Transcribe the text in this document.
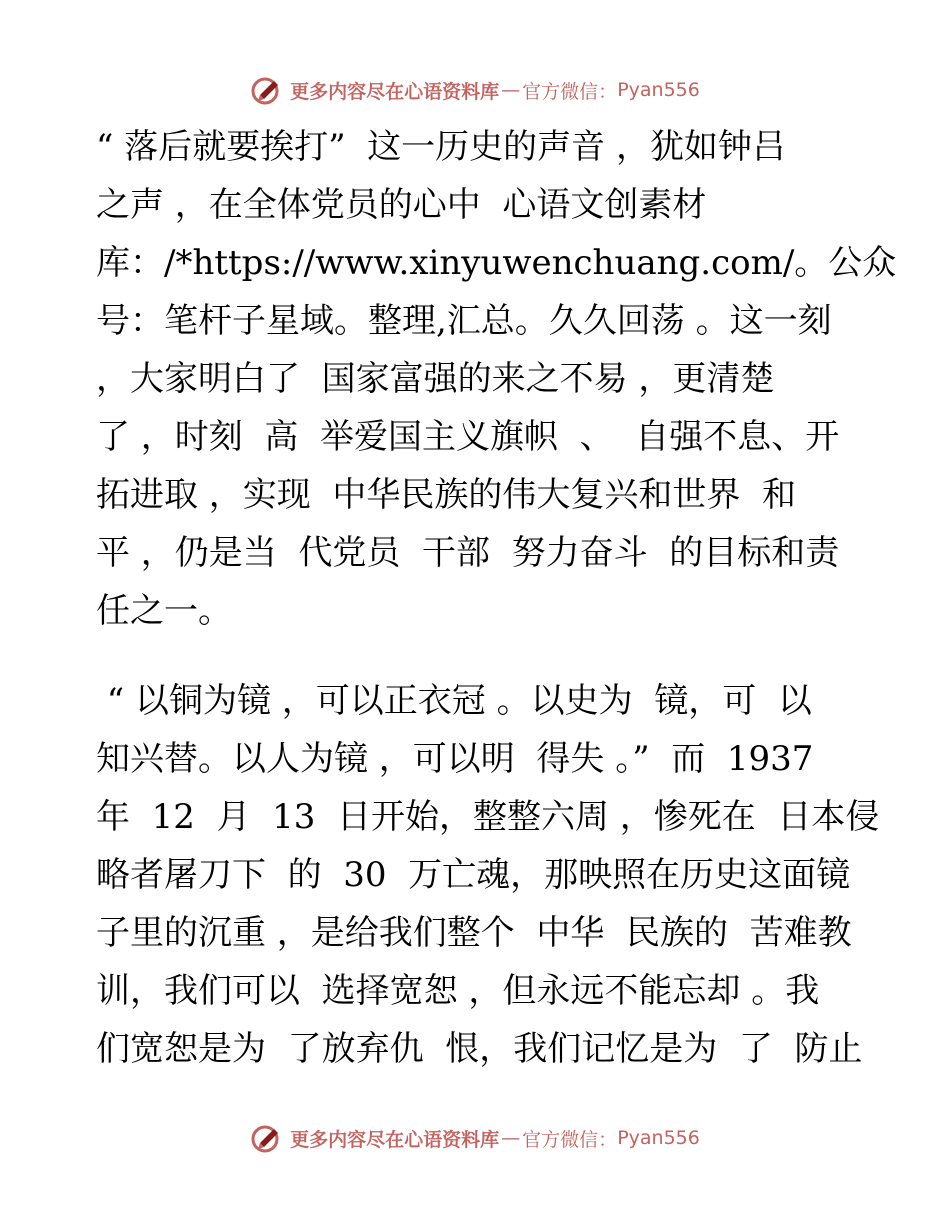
更多内容尽在心语资料库 — 官方微信： Pyan556
“ 落后就要挨打”  这一历史的声音 ，犹如钟吕
之声 ，在全体党员的心中  心语文创素材
库：/*https://www.xinyuwenchuang.com/。公众
号：笔杆子星域。整理,汇总。久久回荡 。这一刻
，大家明白了  国家富强的来之不易 ，更清楚
了 ，时刻  高  举爱国主义旗帜  、  自强不息、开
拓进取 ，实现  中华民族的伟大复兴和世界  和
平 ，仍是当  代党员  干部  努力奋斗  的目标和责
任之一。
“ 以铜为镜 ，可以正衣冠 。以史为  镜，可  以
知兴替。以人为镜 ，可以明  得失 。”  而  1937
年  12  月  13  日开始，整整六周 ，惨死在  日本侵
略者屠刀下  的  30  万亡魂，那映照在历史这面镜
子里的沉重 ，是给我们整个  中华  民族的  苦难教
训，我们可以  选择宽恕 ，但永远不能忘却 。我
们宽恕是为  了放弃仇  恨，我们记忆是为  了  防止
更多内容尽在心语资料库 — 官方微信： Pyan556
